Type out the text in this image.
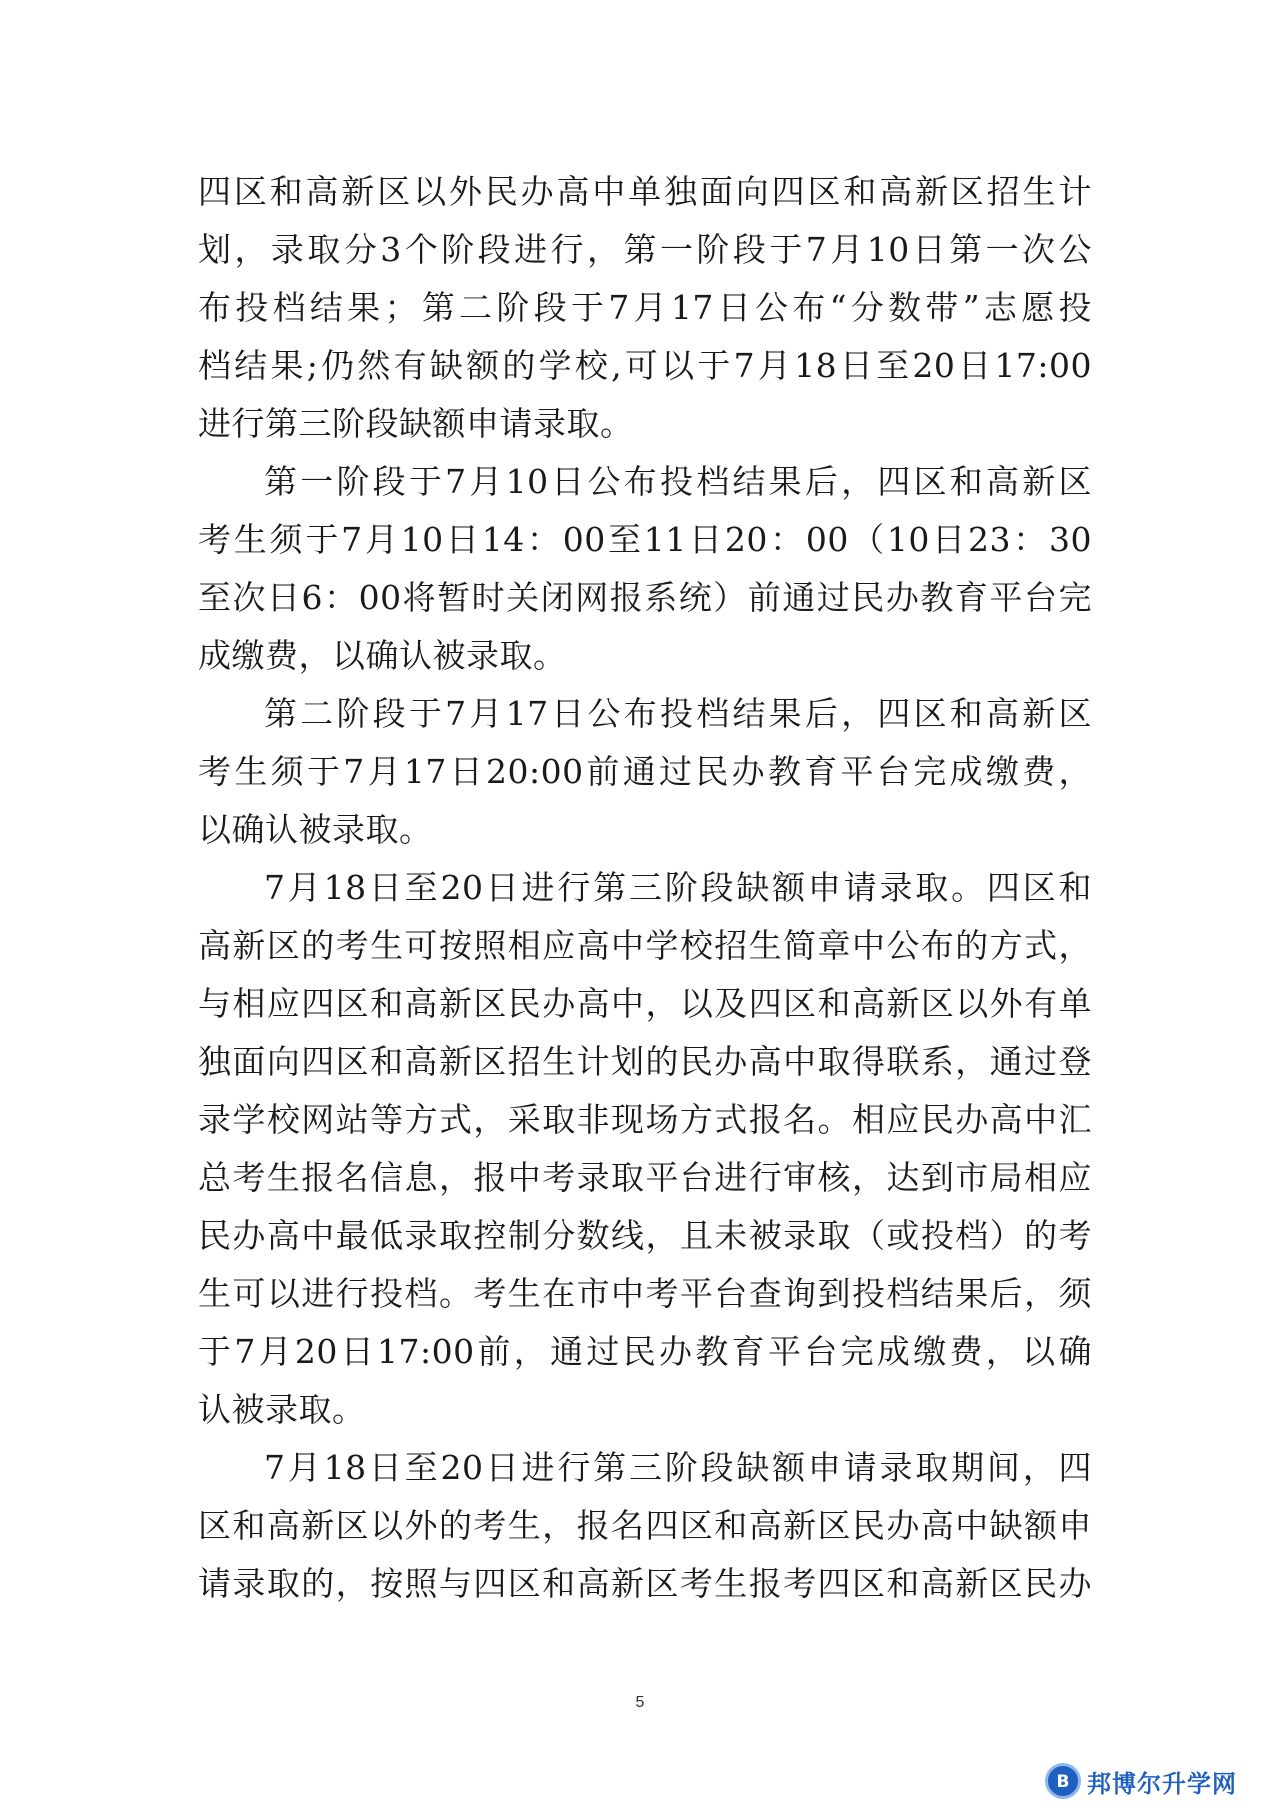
四区和高新区以外民办高中单独面向四区和高新区招生计
划，录取分3个阶段进行，第一阶段于7月10日第一次公
布投档结果；第二阶段于7月17日公布“分数带”志愿投
档结果;仍然有缺额的学校,可以于7月18日至20日17:00
进行第三阶段缺额申请录取。
第一阶段于7月10日公布投档结果后，四区和高新区
考生须于7月10日14：00至11日20：00（10日23：30
至次日6：00将暂时关闭网报系统）前通过民办教育平台完
成缴费，以确认被录取。
第二阶段于7月17日公布投档结果后，四区和高新区
考生须于7月17日20:00前通过民办教育平台完成缴费，
以确认被录取。
7月18日至20日进行第三阶段缺额申请录取。四区和
高新区的考生可按照相应高中学校招生简章中公布的方式，
与相应四区和高新区民办高中，以及四区和高新区以外有单
独面向四区和高新区招生计划的民办高中取得联系，通过登
录学校网站等方式，采取非现场方式报名。相应民办高中汇
总考生报名信息，报中考录取平台进行审核，达到市局相应
民办高中最低录取控制分数线，且未被录取（或投档）的考
生可以进行投档。考生在市中考平台查询到投档结果后，须
于7月20日17:00前，通过民办教育平台完成缴费，以确
认被录取。
7月18日至20日进行第三阶段缺额申请录取期间，四
区和高新区以外的考生，报名四区和高新区民办高中缺额申
请录取的，按照与四区和高新区考生报考四区和高新区民办
5
B 邦博尔升学网
